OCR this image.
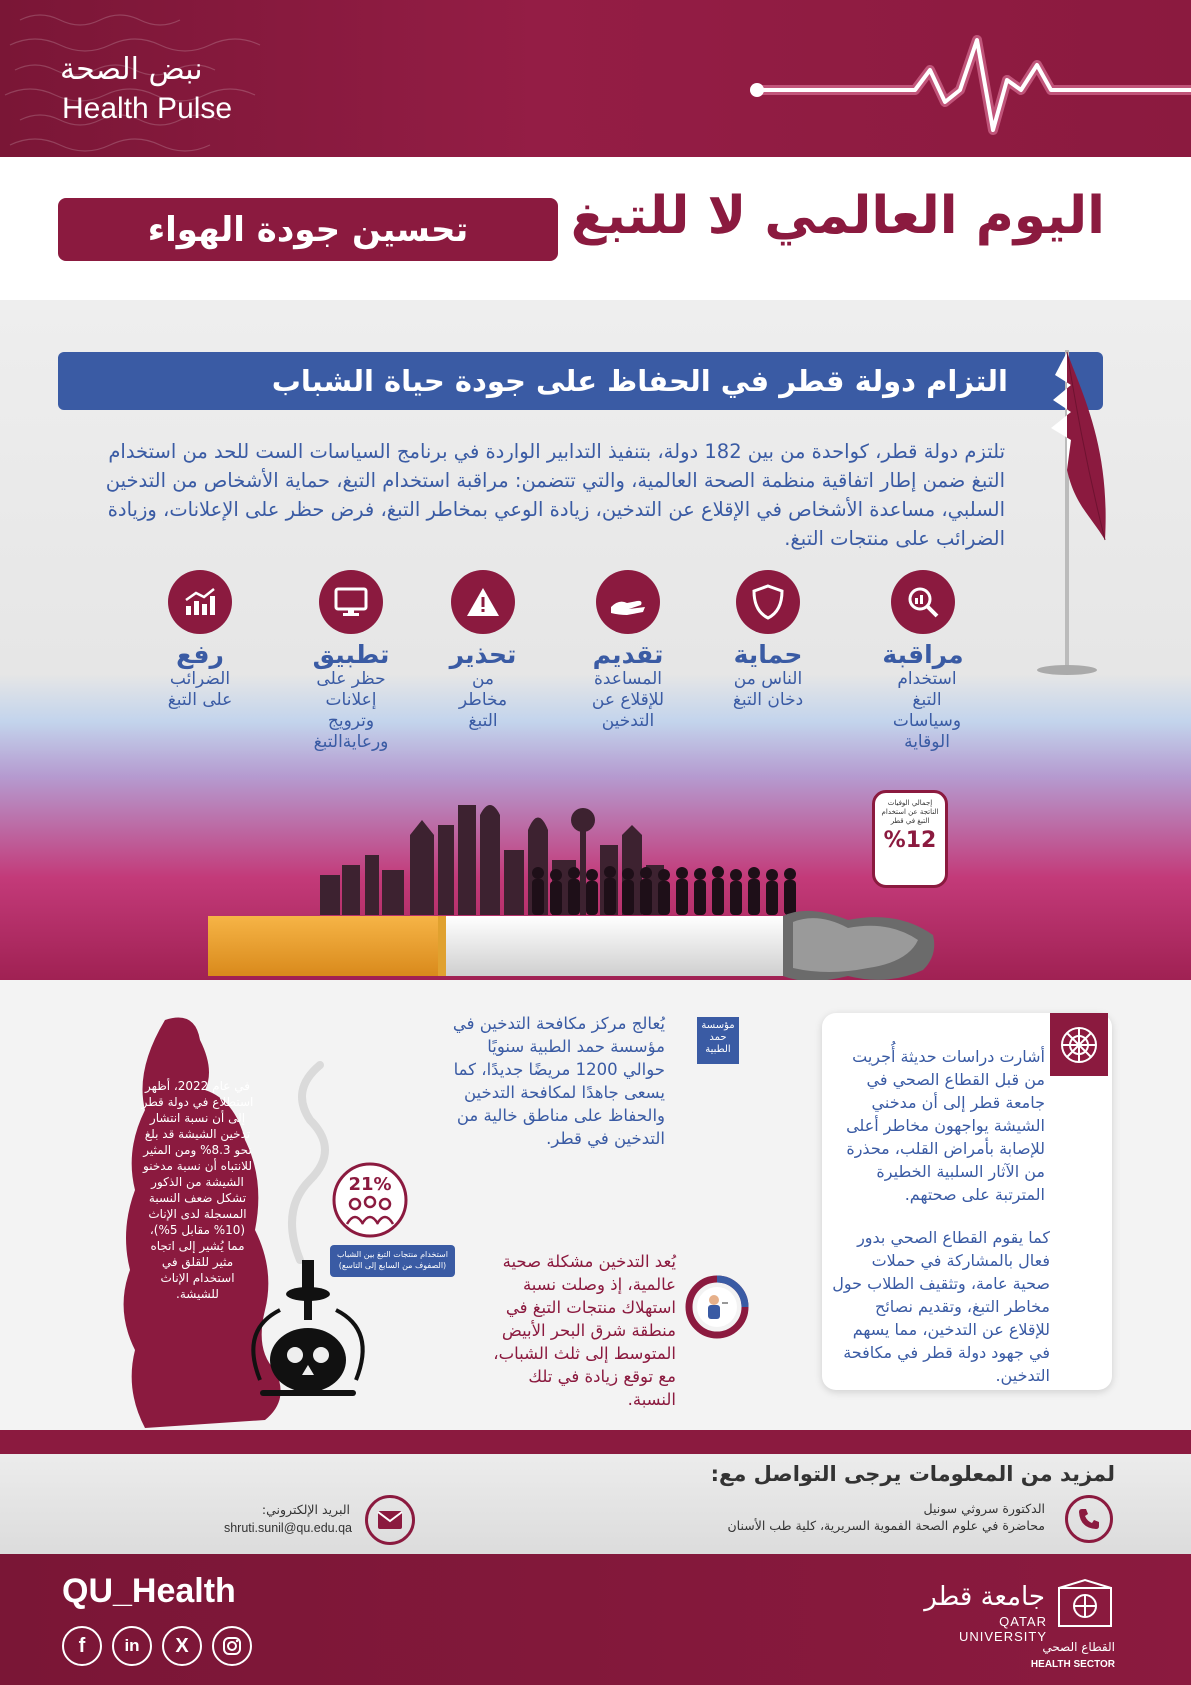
نبض الصحة
Health Pulse
اليوم العالمي لا للتبغ
تحسين جودة الهواء
التزام دولة قطر في الحفاظ على جودة حياة الشباب
تلتزم دولة قطر، كواحدة من بين 182 دولة، بتنفيذ التدابير الواردة في برنامج السياسات الست للحد من استخدام التبغ ضمن إطار اتفاقية منظمة الصحة العالمية، والتي تتضمن: مراقبة استخدام التبغ، حماية الأشخاص من التدخين السلبي، مساعدة الأشخاص في الإقلاع عن التدخين، زيادة الوعي بمخاطر التبغ، فرض حظر على الإعلانات، وزيادة الضرائب على منتجات التبغ.
مراقبة
استخدام التبغ وسياسات الوقاية
حماية
الناس من دخان التبغ
تقديم
المساعدة للإقلاع عن التدخين
تحذير
من مخاطر التبغ
تطبيق
حظر على إعلانات وترويج ورعايةالتبغ
رفع
الضرائب على التبغ
إجمالي الوفيات الناتجة عن استخدام التبغ في قطر
%12
في عام 2022، أظهر استطلاع في دولة قطر إلى أن نسبة انتشار تدخين الشيشة قد بلغ نحو 8.3% ومن المثير للانتباه أن نسبة مدخنو الشيشة من الذكور تشكل ضعف النسبة المسجلة لدى الإناث (10% مقابل 5%)، مما يُشير إلى اتجاه مثير للقلق في استخدام الإناث للشيشة.
21%
استخدام منتجات التبغ بين الشباب (الصفوف من السابع إلى التاسع)
مؤسسة حمد الطبية
يُعالج مركز مكافحة التدخين في مؤسسة حمد الطبية سنويًا حوالي 1200 مريضًا جديدًا، كما يسعى جاهدًا لمكافحة التدخين والحفاظ على مناطق خالية من التدخين في قطر.
يُعد التدخين مشكلة صحية عالمية، إذ وصلت نسبة استهلاك منتجات التبغ في منطقة شرق البحر الأبيض المتوسط إلى ثلث الشباب، مع توقع زيادة في تلك النسبة.
أشارت دراسات حديثة أُجريت من قبل القطاع الصحي في جامعة قطر إلى أن مدخني الشيشة يواجهون مخاطر أعلى للإصابة بأمراض القلب، محذرة من الآثار السلبية الخطيرة المترتبة على صحتهم.
كما يقوم القطاع الصحي بدور فعال بالمشاركة في حملات صحية عامة، وتثقيف الطلاب حول مخاطر التبغ، وتقديم نصائح للإقلاع عن التدخين، مما يسهم في جهود دولة قطر في مكافحة التدخين.
لمزيد من المعلومات يرجى التواصل مع:
الدكتورة سروثي سونيل
محاضرة في علوم الصحة الفموية السريرية، كلية طب الأسنان
البريد الإلكتروني:
shruti.sunil@qu.edu.qa
QU_Health
f	in	X
جامعة قطر
QATAR UNIVERSITY
القطاع الصحي
HEALTH SECTOR
